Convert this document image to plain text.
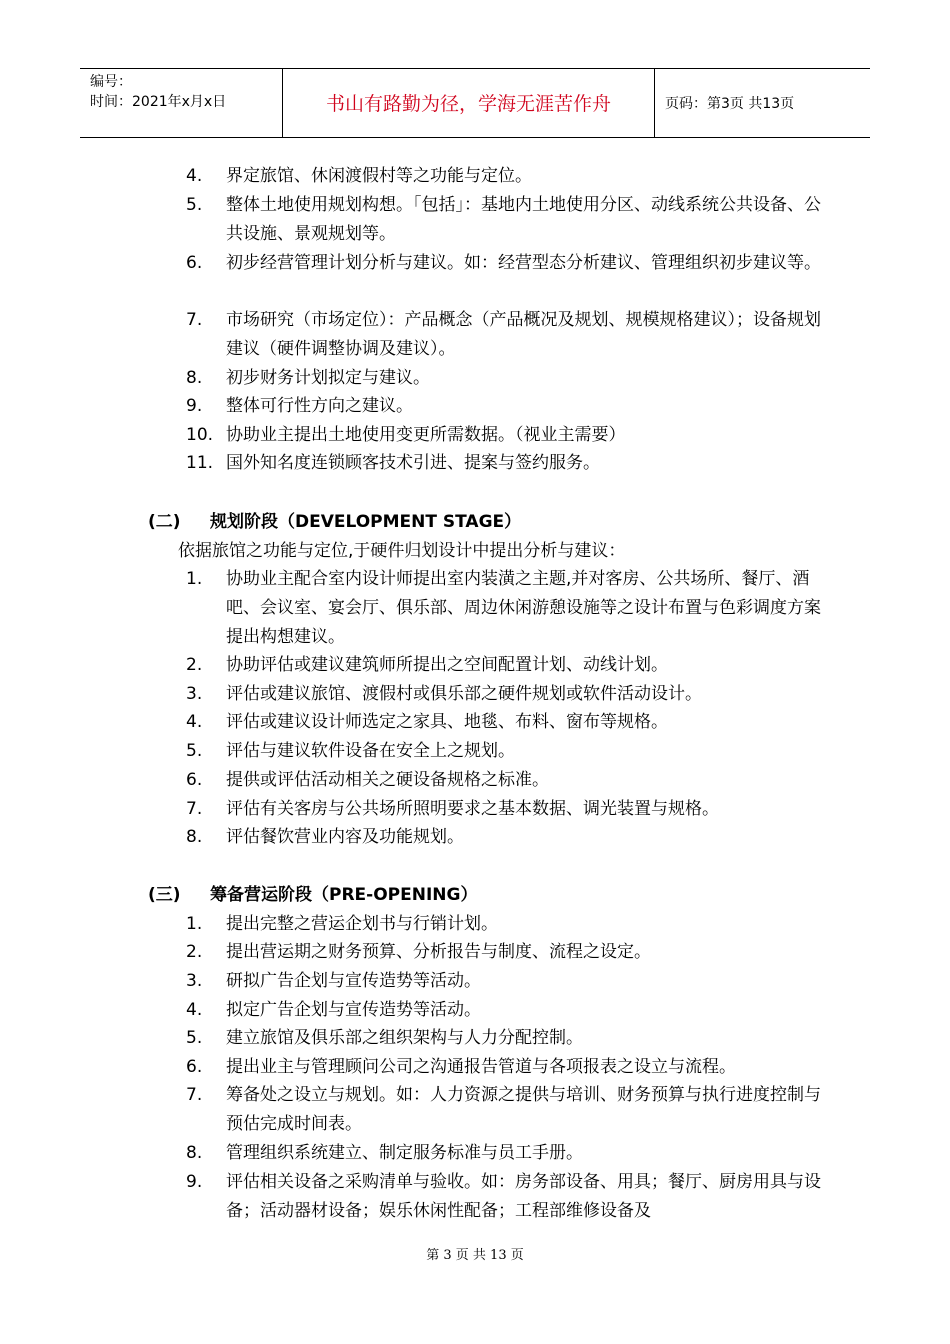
编号：
时间：2021年x月x日	书山有路勤为径，学海无涯苦作舟	页码：第3页 共13页
4.	界定旅馆、休闲渡假村等之功能与定位。
5.	整体土地使用规划构想。「包括」：基地内土地使用分区、动线系统公共设备、公共设施、景观规划等。
6.	初步经营管理计划分析与建议。如：经营型态分析建议、管理组织初步建议等。
7.	市场研究（市场定位）：产品概念（产品概况及规划、规模规格建议）；设备规划建议（硬件调整协调及建议）。
8.	初步财务计划拟定与建议。
9.	整体可行性方向之建议。
10. 协助业主提出土地使用变更所需数据。（视业主需要）
11. 国外知名度连锁顾客技术引进、提案与签约服务。
(二) 规划阶段（DEVELOPMENT STAGE）
依据旅馆之功能与定位,于硬件归划设计中提出分析与建议：
1.	协助业主配合室内设计师提出室内装潢之主题,并对客房、公共场所、餐厅、酒吧、会议室、宴会厅、俱乐部、周边休闲游憩设施等之设计布置与色彩调度方案提出构想建议。
2.	协助评估或建议建筑师所提出之空间配置计划、动线计划。
3.	评估或建议旅馆、渡假村或俱乐部之硬件规划或软件活动设计。
4.	评估或建议设计师选定之家具、地毯、布料、窗布等规格。
5.	评估与建议软件设备在安全上之规划。
6.	提供或评估活动相关之硬设备规格之标准。
7.	评估有关客房与公共场所照明要求之基本数据、调光装置与规格。
8.	评估餐饮营业内容及功能规划。
(三) 筹备营运阶段（PRE-OPENING）
1.	提出完整之营运企划书与行销计划。
2.	提出营运期之财务预算、分析报告与制度、流程之设定。
3.	研拟广告企划与宣传造势等活动。
4.	拟定广告企划与宣传造势等活动。
5.	建立旅馆及俱乐部之组织架构与人力分配控制。
6.	提出业主与管理顾问公司之沟通报告管道与各项报表之设立与流程。
7.	筹备处之设立与规划。如：人力资源之提供与培训、财务预算与执行进度控制与预估完成时间表。
8.	管理组织系统建立、制定服务标准与员工手册。
9.	评估相关设备之采购清单与验收。如：房务部设备、用具；餐厅、厨房用具与设备；活动器材设备；娱乐休闲性配备；工程部维修设备及
第 3 页 共 13 页
